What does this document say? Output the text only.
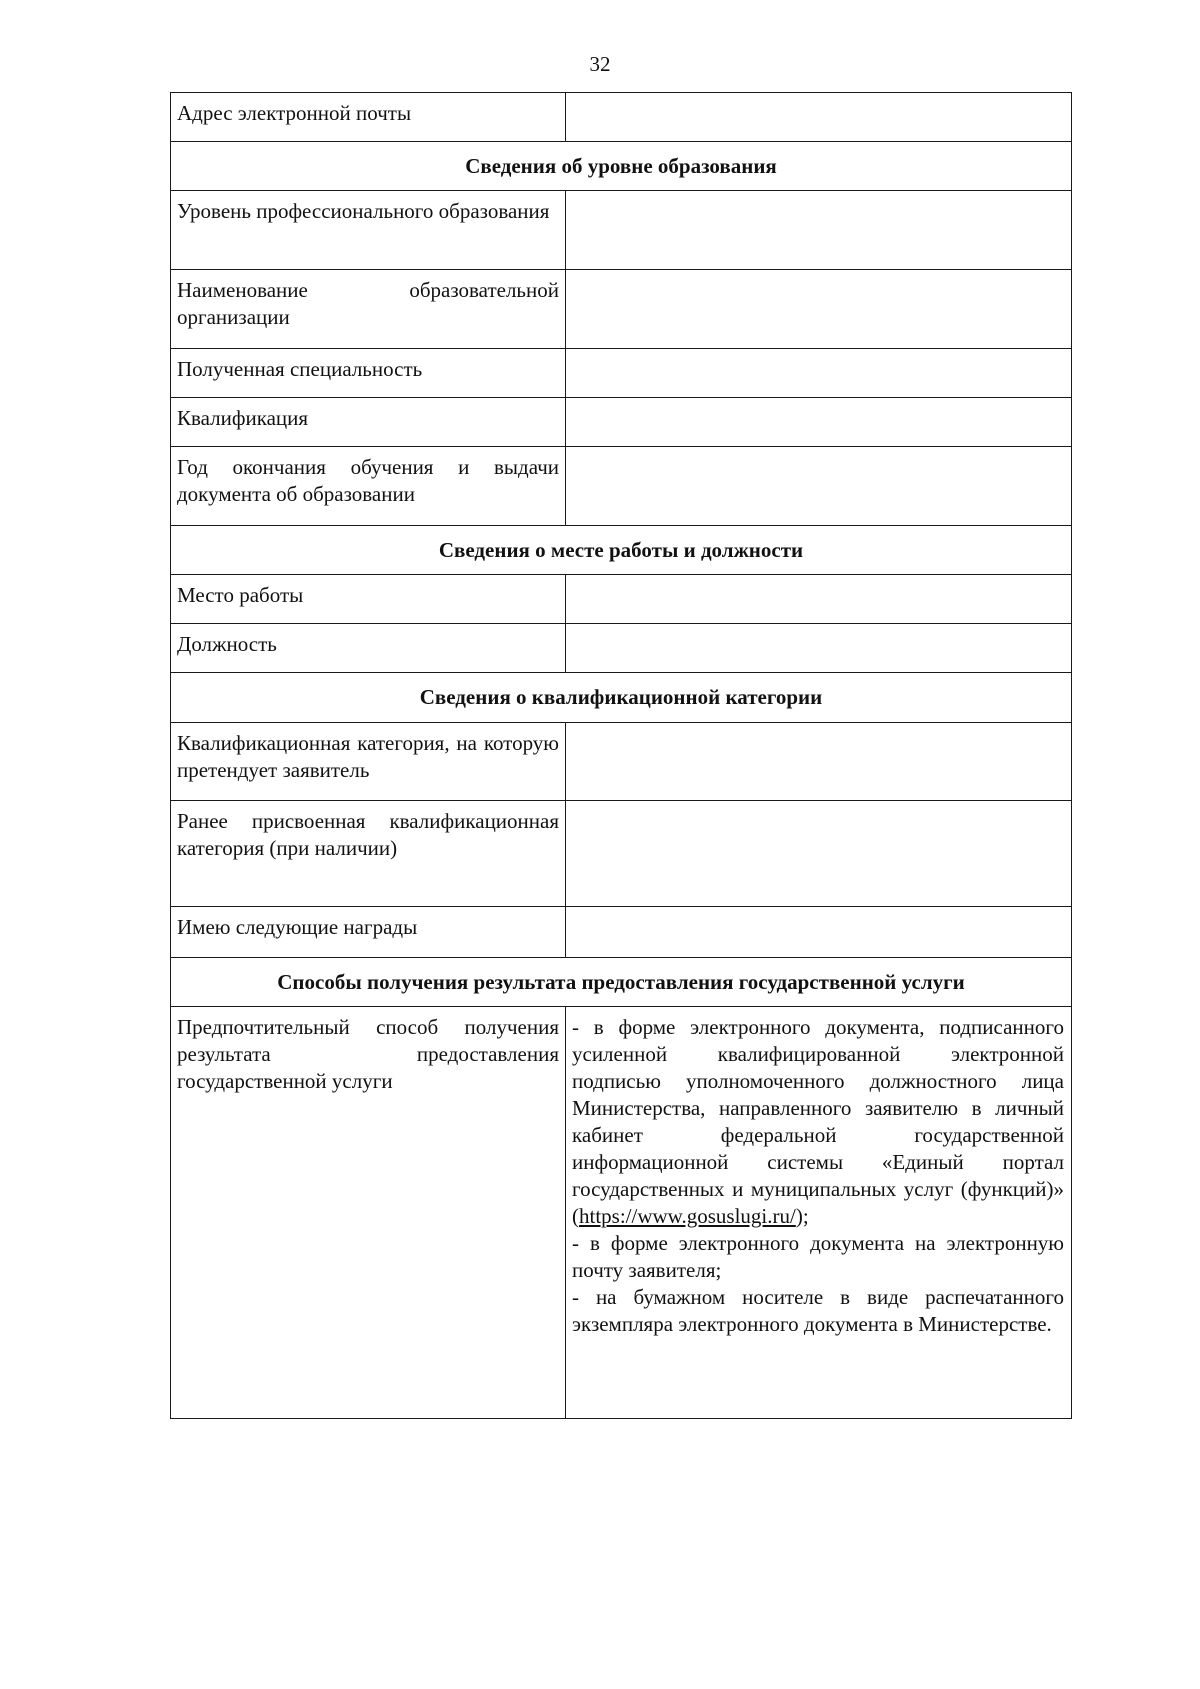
32
Адрес электронной почты	
Сведения об уровне образования	
Уровень профессионального образования	
Наименование образовательной организации	
Полученная специальность	
Квалификация	
Год окончания обучения и выдачи документа об образовании	
Сведения о месте работы и должности	
Место работы	
Должность	
Сведения о квалификационной категории	
Квалификационная категория, на которую претендует заявитель	
Ранее присвоенная квалификационная категория (при наличии)	
Имею следующие награды	
Способы получения результата предоставления государственной услуги	
Предпочтительный способ получения результата предоставления государственной услуги	- в форме электронного документа, подписанного усиленной квалифицированной электронной подписью уполномоченного должностного лица Министерства, направленного заявителю в личный кабинет федеральной государственной информационной системы «Единый портал государственных и муниципальных услуг (функций)» (https://www.gosuslugi.ru/);
- в форме электронного документа на электронную почту заявителя;
- на бумажном носителе в виде распечатанного экземпляра электронного документа в Министерстве.
